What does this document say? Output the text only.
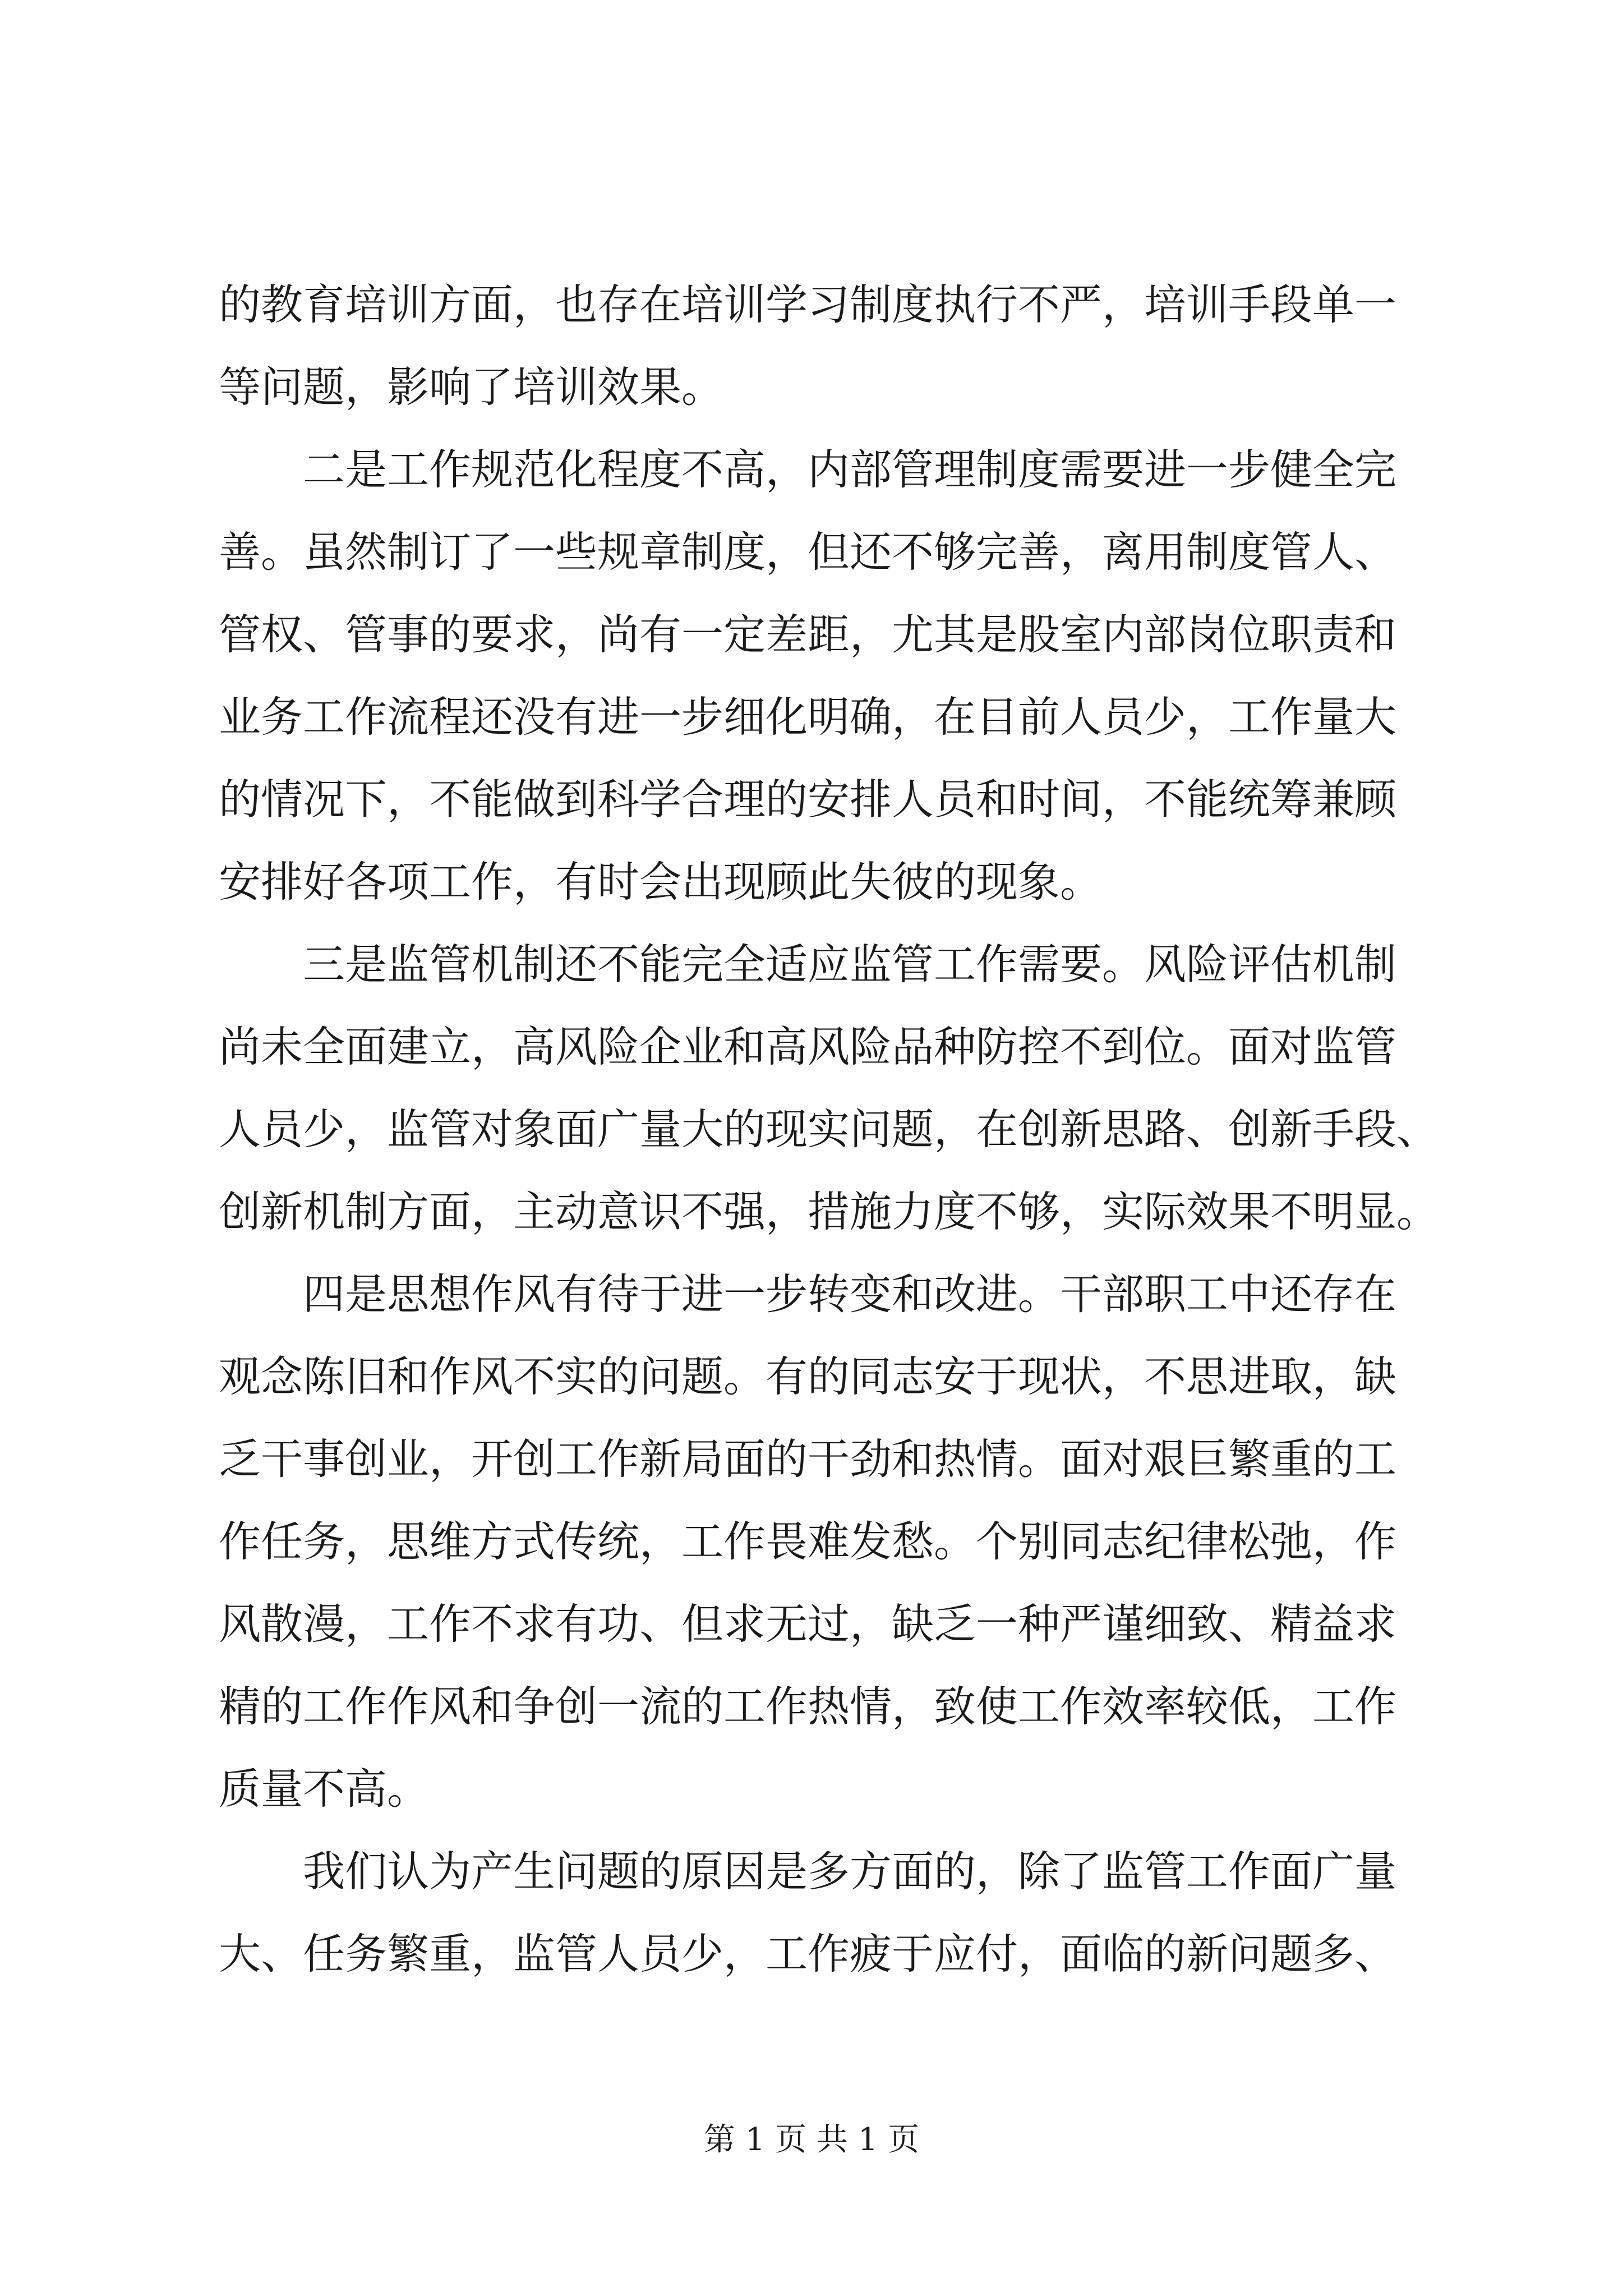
的教育培训方面，也存在培训学习制度执行不严，培训手段单一
等问题，影响了培训效果。
　　二是工作规范化程度不高，内部管理制度需要进一步健全完
善。虽然制订了一些规章制度，但还不够完善，离用制度管人、
管权、管事的要求，尚有一定差距，尤其是股室内部岗位职责和
业务工作流程还没有进一步细化明确，在目前人员少，工作量大
的情况下，不能做到科学合理的安排人员和时间，不能统筹兼顾
安排好各项工作，有时会出现顾此失彼的现象。
　　三是监管机制还不能完全适应监管工作需要。风险评估机制
尚未全面建立，高风险企业和高风险品种防控不到位。面对监管
人员少，监管对象面广量大的现实问题，在创新思路、创新手段、
创新机制方面，主动意识不强，措施力度不够，实际效果不明显。
　　四是思想作风有待于进一步转变和改进。干部职工中还存在
观念陈旧和作风不实的问题。有的同志安于现状，不思进取，缺
乏干事创业，开创工作新局面的干劲和热情。面对艰巨繁重的工
作任务，思维方式传统，工作畏难发愁。个别同志纪律松弛，作
风散漫，工作不求有功、但求无过，缺乏一种严谨细致、精益求
精的工作作风和争创一流的工作热情，致使工作效率较低，工作
质量不高。
　　我们认为产生问题的原因是多方面的，除了监管工作面广量
大、任务繁重，监管人员少，工作疲于应付，面临的新问题多、
第 1 页 共 1 页
